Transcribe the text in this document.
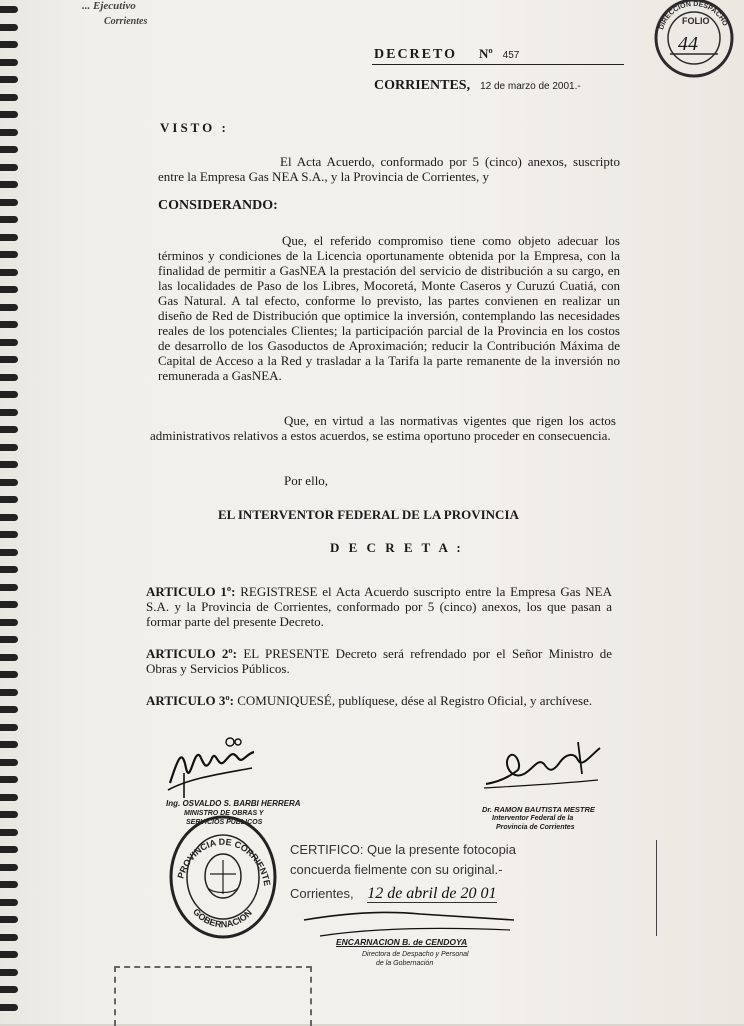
... Ejecutivo
Corrientes
DIRECCION DESPACHO
FOLIO
44
DECRETO Nº 457
CORRIENTES, 12 de marzo de 2001.-
VISTO :
El Acta Acuerdo, conformado por 5 (cinco) anexos, suscripto entre la Empresa Gas NEA S.A., y la Provincia de Corrientes, y
CONSIDERANDO:
Que, el referido compromiso tiene como objeto adecuar los términos y condiciones de la Licencia oportunamente obtenida por la Empresa, con la finalidad de permitir a GasNEA la prestación del servicio de distribución a su cargo, en las localidades de Paso de los Libres, Mocoretá, Monte Caseros y Curuzú Cuatiá, con Gas Natural. A tal efecto, conforme lo previsto, las partes convienen en realizar un diseño de Red de Distribución que optimice la inversión, contemplando las necesidades reales de los potenciales Clientes; la participación parcial de la Provincia en los costos de desarrollo de los Gasoductos de Aproximación; reducir la Contribución Máxima de Capital de Acceso a la Red y trasladar a la Tarifa la parte remanente de la inversión no remunerada a GasNEA.
Que, en virtud a las normativas vigentes que rigen los actos administrativos relativos a estos acuerdos, se estima oportuno proceder en consecuencia.
Por ello,
EL INTERVENTOR FEDERAL DE LA PROVINCIA
D E C R E T A :
ARTICULO 1º: REGISTRESE el Acta Acuerdo suscripto entre la Empresa Gas NEA S.A. y la Provincia de Corrientes, conformado por 5 (cinco) anexos, los que pasan a formar parte del presente Decreto.
ARTICULO 2º: EL PRESENTE Decreto será refrendado por el Señor Ministro de Obras y Servicios Públicos.
ARTICULO 3º: COMUNIQUESÉ, publíquese, dése al Registro Oficial, y archívese.
Ing. OSVALDO S. BARBI HERRERA
MINISTRO DE OBRAS Y
SERVICIOS PUBLICOS
Dr. RAMON BAUTISTA MESTRE
Interventor Federal de la
Provincia de Corrientes
PROVINCIA DE CORRIENTE
GOBERNACION
CERTIFICO: Que la presente fotocopia
concuerda fielmente con su original.-
Corrientes, 12 de abril de 20 01
ENCARNACION B. de CENDOYA
Directora de Despacho y Personal
de la Gobernación
